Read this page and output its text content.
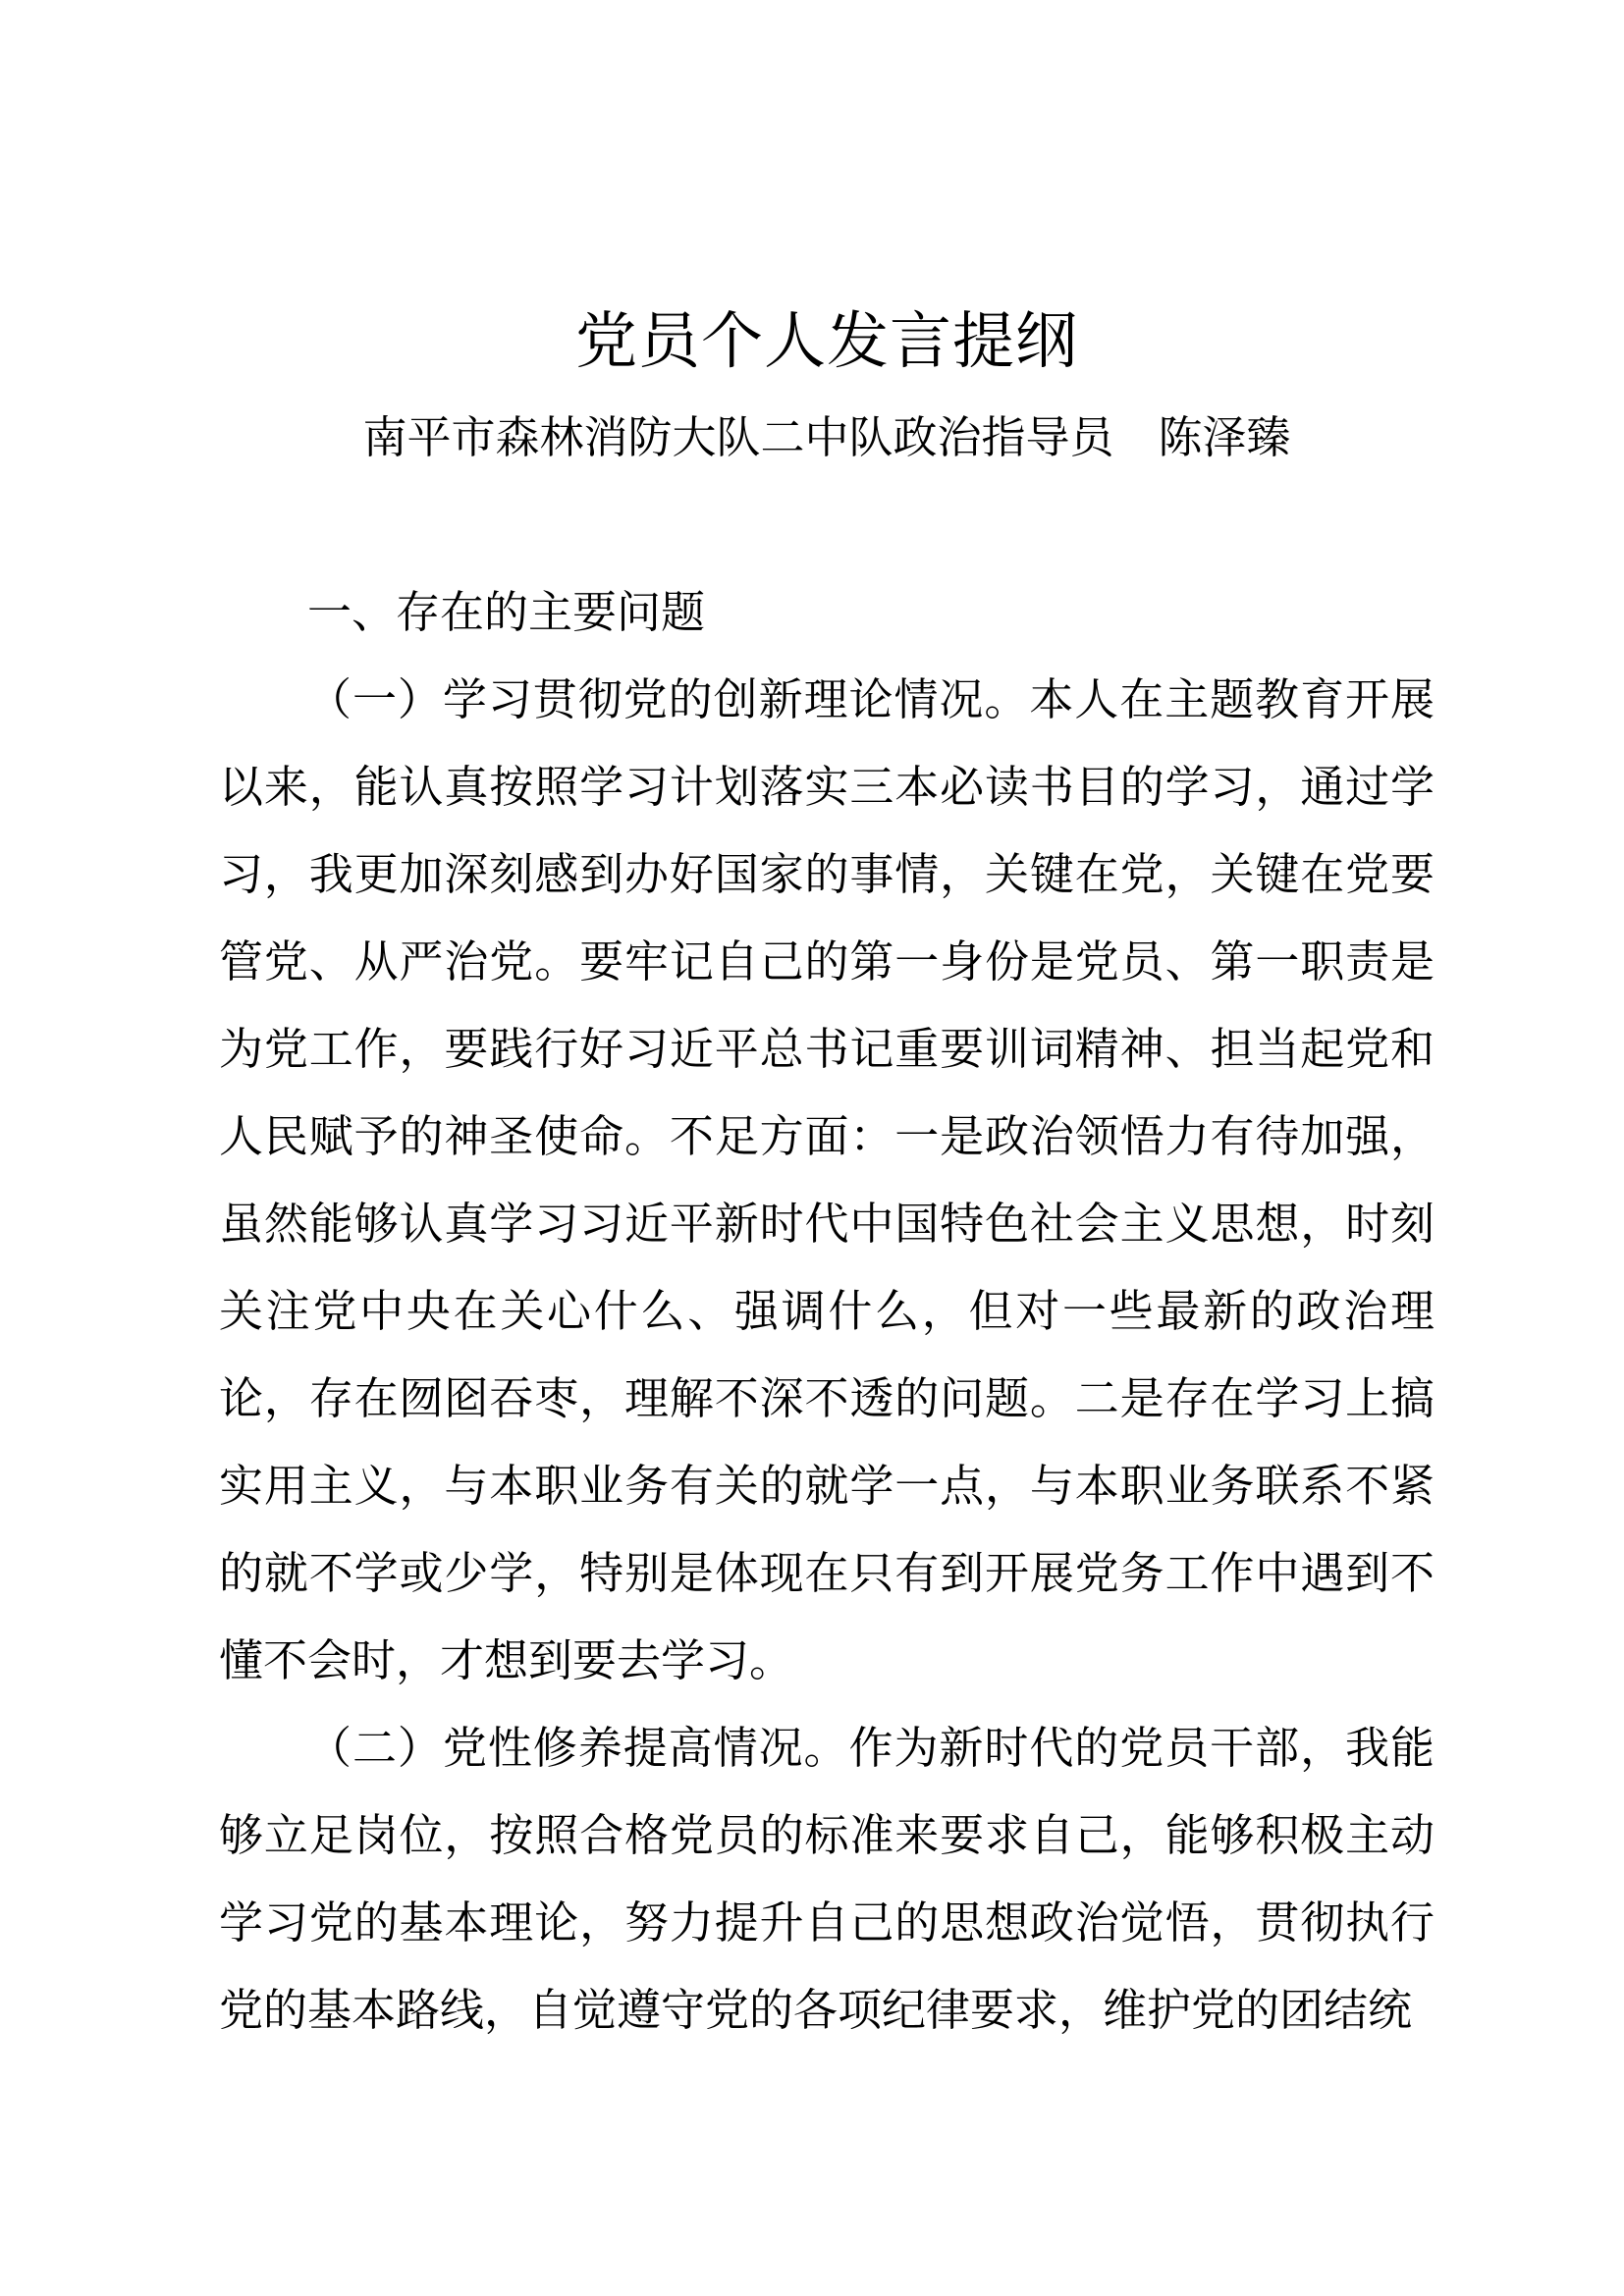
党员个人发言提纲
南平市森林消防大队二中队政治指导员　陈泽臻
一、存在的主要问题

（一）学习贯彻党的创新理论情况。本人在主题教育开展以来，能认真按照学习计划落实三本必读书目的学习，通过学习，我更加深刻感到办好国家的事情，关键在党，关键在党要管党、从严治党。要牢记自己的第一身份是党员、第一职责是为党工作，要践行好习近平总书记重要训词精神、担当起党和人民赋予的神圣使命。不足方面：一是政治领悟力有待加强，虽然能够认真学习习近平新时代中国特色社会主义思想，时刻关注党中央在关心什么、强调什么，但对一些最新的政治理论，存在囫囵吞枣，理解不深不透的问题。二是存在学习上搞实用主义，与本职业务有关的就学一点，与本职业务联系不紧的就不学或少学，特别是体现在只有到开展党务工作中遇到不懂不会时，才想到要去学习。

（二）党性修养提高情况。作为新时代的党员干部，我能够立足岗位，按照合格党员的标准来要求自己，能够积极主动学习党的基本理论，努力提升自己的思想政治觉悟，贯彻执行党的基本路线，自觉遵守党的各项纪律要求，维护党的团结统
